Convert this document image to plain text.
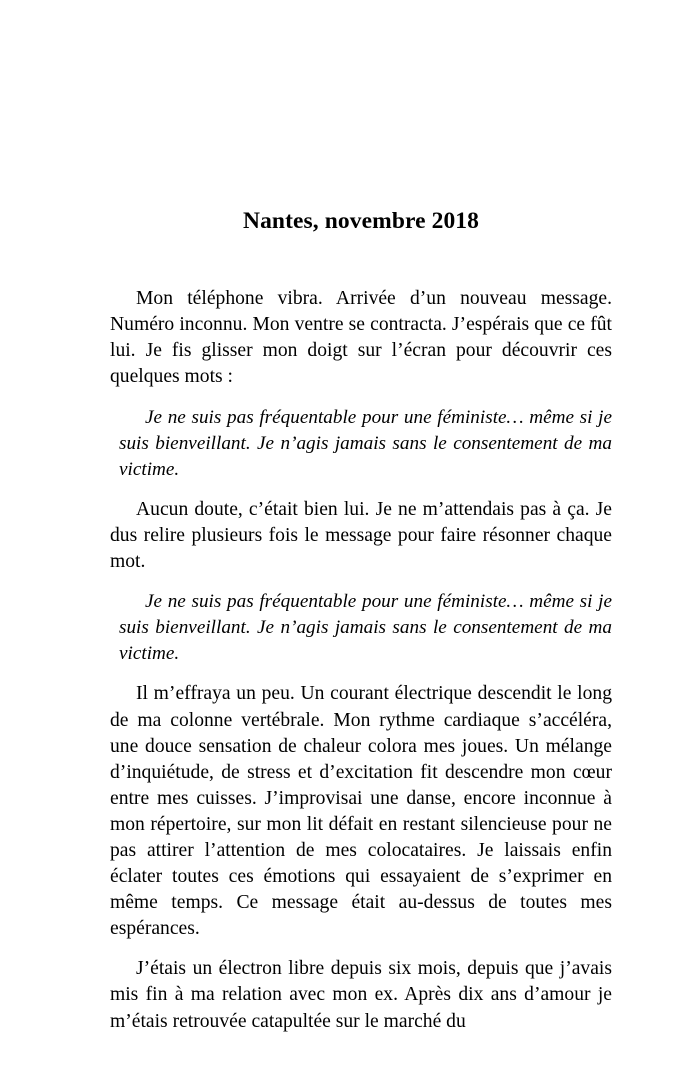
Nantes, novembre 2018

Mon téléphone vibra. Arrivée d’un nouveau message. Numéro inconnu. Mon ventre se contracta. J’espérais que ce fût lui. Je fis glisser mon doigt sur l’écran pour découvrir ces quelques mots :

Je ne suis pas fréquentable pour une féministe… même si je suis bienveillant. Je n’agis jamais sans le consentement de ma victime.

Aucun doute, c’était bien lui. Je ne m’attendais pas à ça. Je dus relire plusieurs fois le message pour faire résonner chaque mot.

Je ne suis pas fréquentable pour une féministe… même si je suis bienveillant. Je n’agis jamais sans le consentement de ma victime.

Il m’effraya un peu. Un courant électrique descendit le long de ma colonne vertébrale. Mon rythme cardiaque s’accéléra, une douce sensation de chaleur colora mes joues. Un mélange d’inquiétude, de stress et d’excitation fit descendre mon cœur entre mes cuisses. J’improvisai une danse, encore inconnue à mon répertoire, sur mon lit défait en restant silencieuse pour ne pas attirer l’attention de mes colocataires. Je laissais enfin éclater toutes ces émotions qui essayaient de s’exprimer en même temps. Ce message était au-dessus de toutes mes espérances.

J’étais un électron libre depuis six mois, depuis que j’avais mis fin à ma relation avec mon ex. Après dix ans d’amour je m’étais retrouvée catapultée sur le marché du
